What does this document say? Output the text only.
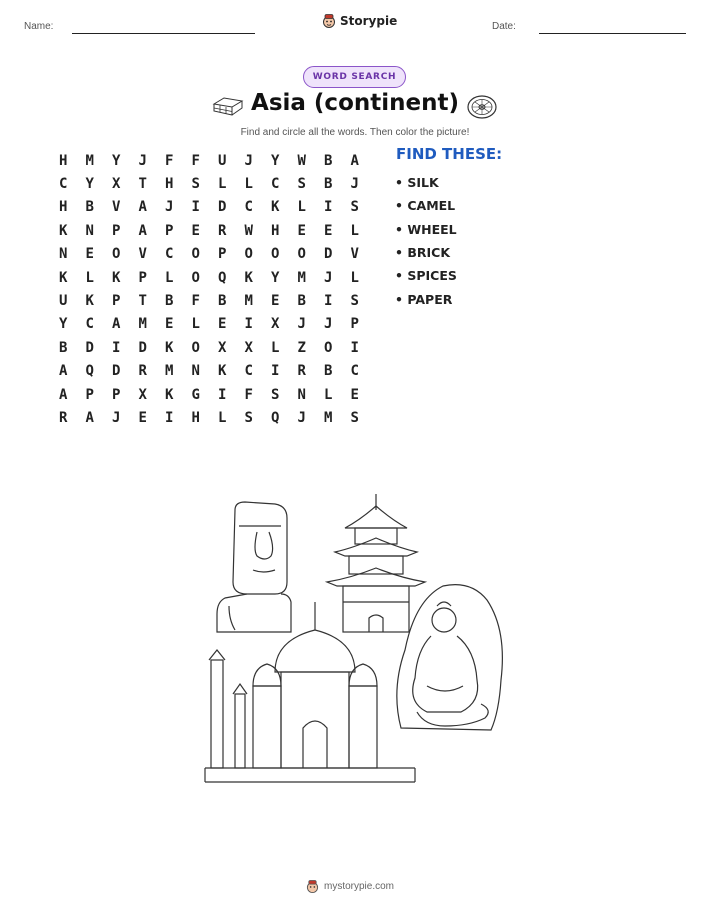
Name:	Storypie	Date:
WORD SEARCH
Asia (continent)
Find and circle all the words. Then color the picture!
H	M	Y	J	F	F	U	J	Y	W	B	A
C	Y	X	T	H	S	L	L	C	S	B	J
H	B	V	A	J	I	D	C	K	L	I	S
K	N	P	A	P	E	R	W	H	E	E	L
N	E	O	V	C	O	P	O	O	O	D	V
K	L	K	P	L	O	Q	K	Y	M	J	L
U	K	P	T	B	F	B	M	E	B	I	S
Y	C	A	M	E	L	E	I	X	J	J	P
B	D	I	D	K	O	X	X	L	Z	O	I
A	Q	D	R	M	N	K	C	I	R	B	C
A	P	P	X	K	G	I	F	S	N	L	E
R	A	J	E	I	H	L	S	Q	J	M	S
FIND THESE:
• SILK
• CAMEL
• WHEEL
• BRICK
• SPICES
• PAPER
mystorypie.com
